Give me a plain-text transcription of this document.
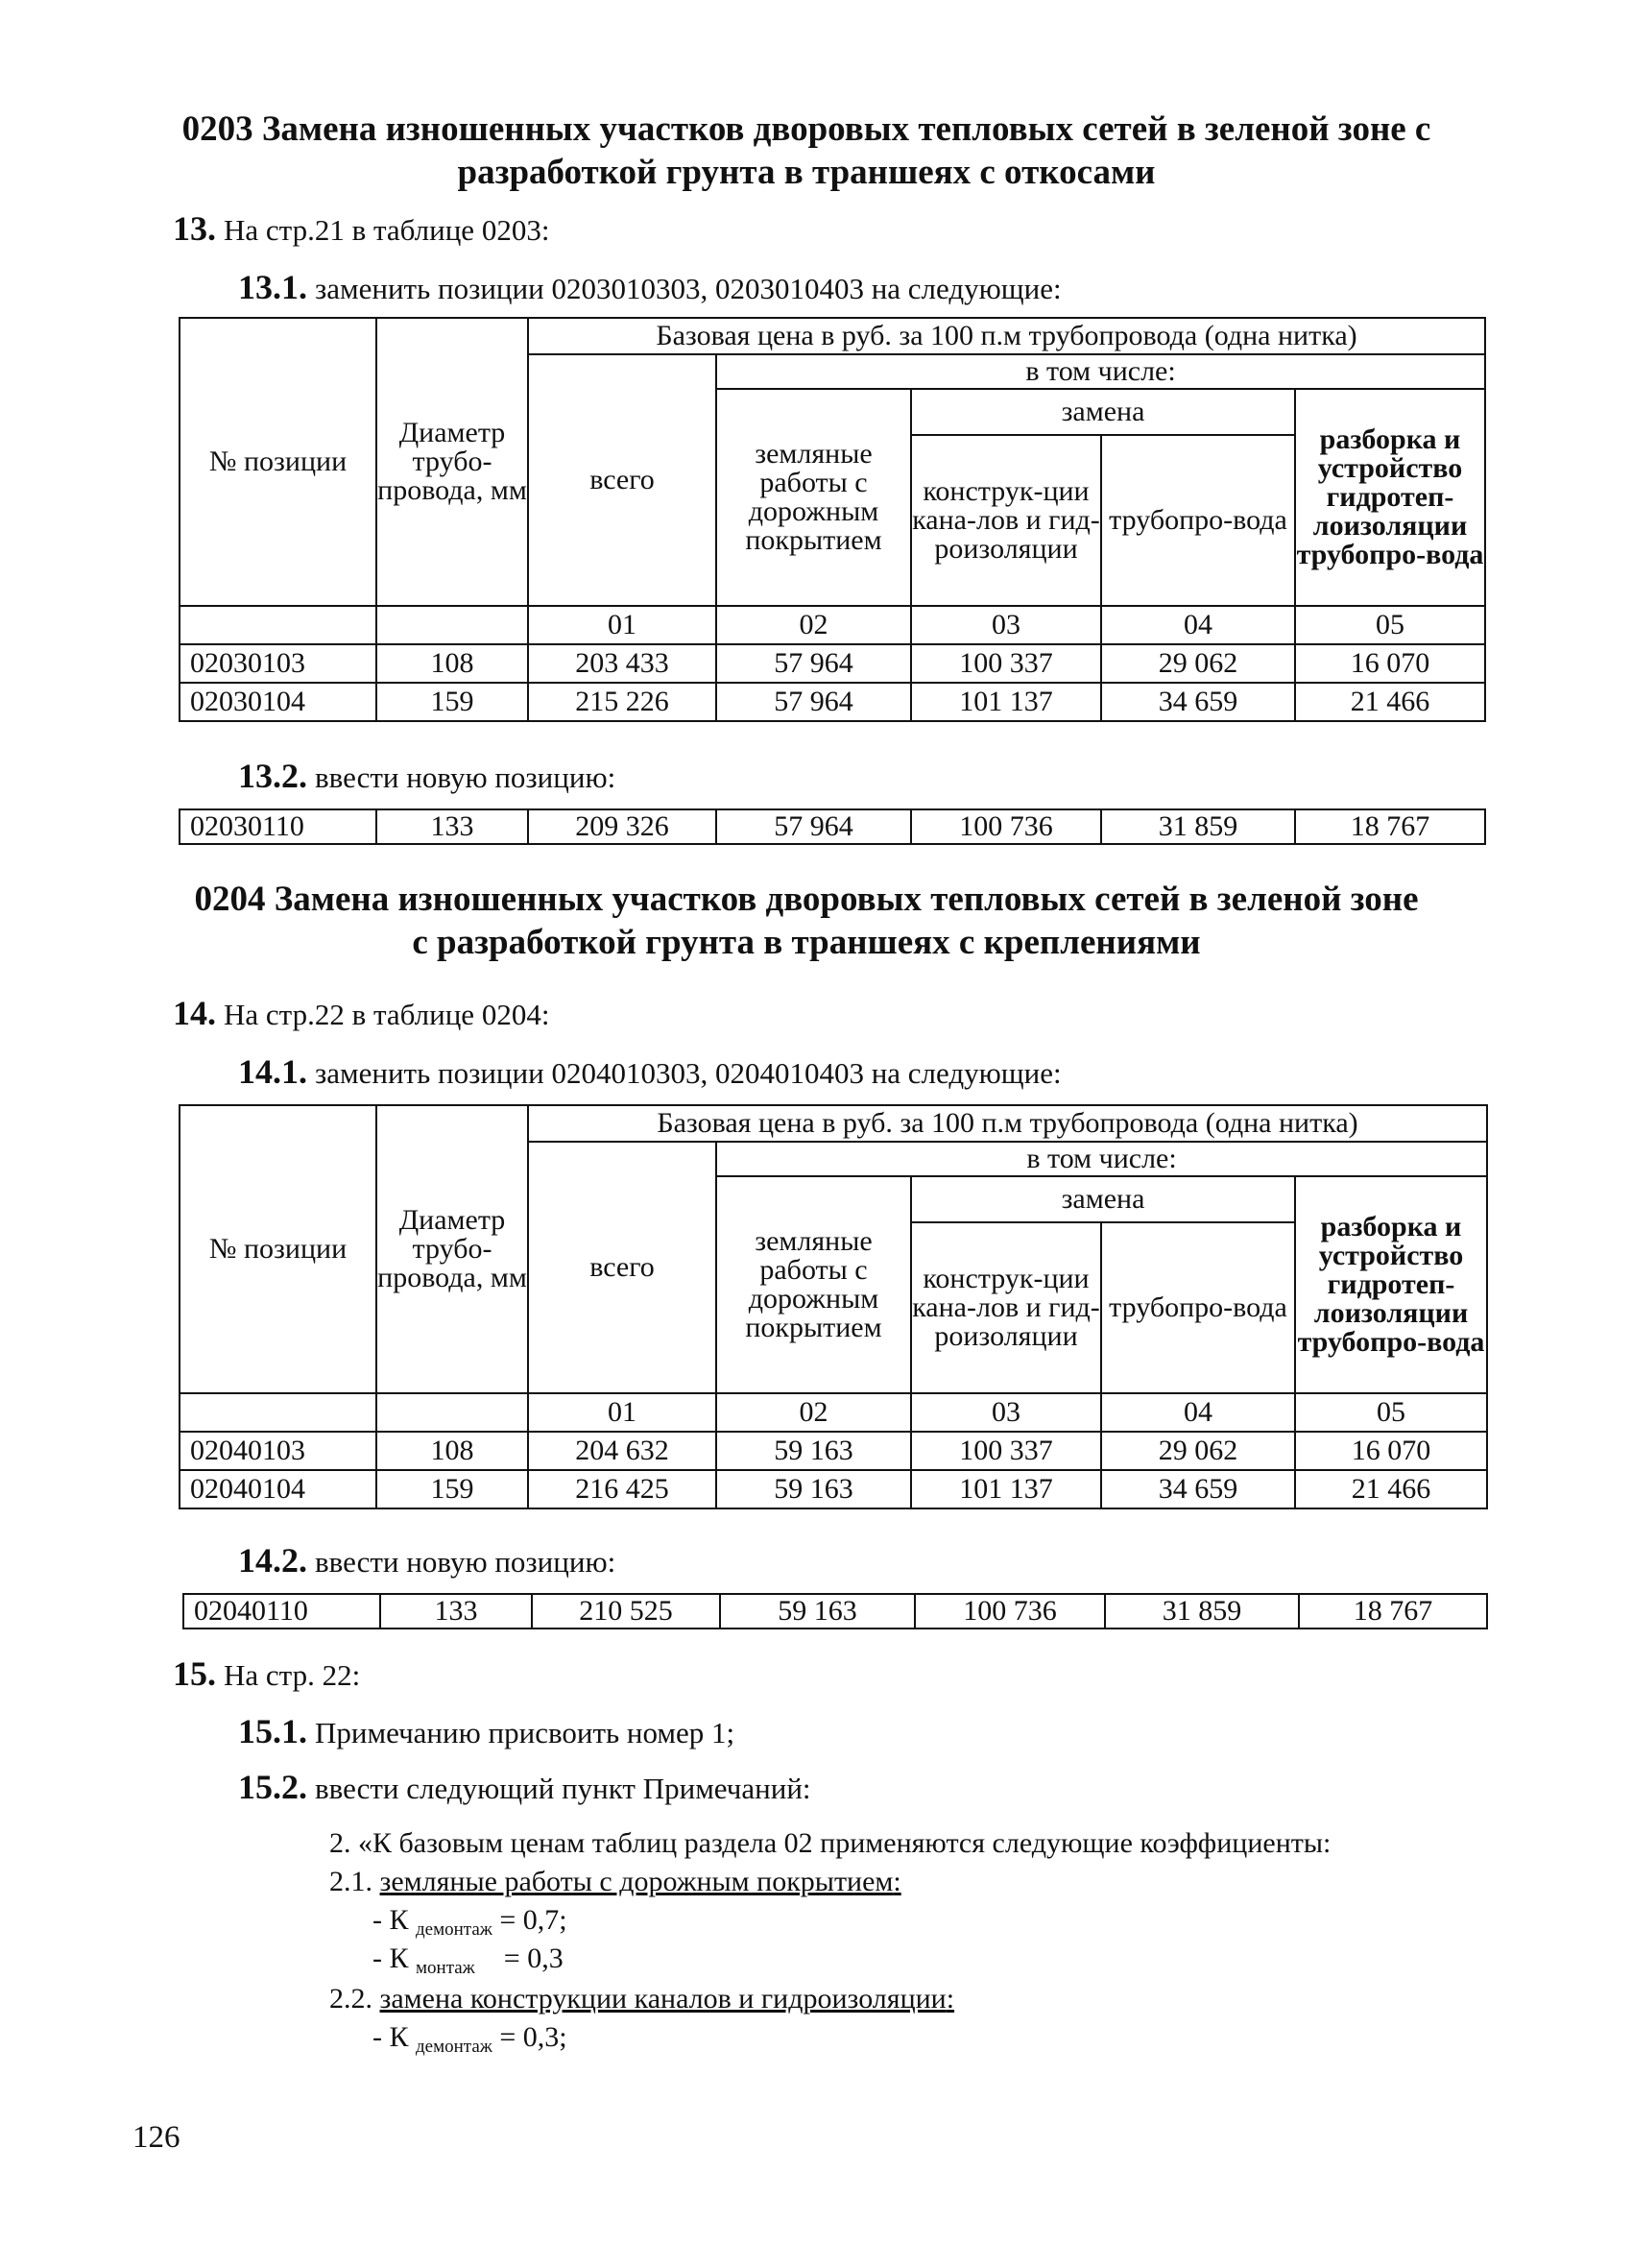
0203 Замена изношенных участков дворовых тепловых сетей в зеленой зоне с
разработкой грунта в траншеях с откосами

13. На стр.21 в таблице 0203:

13.1. заменить позиции 0203010303, 0203010403 на следующие:

№ позиции	Диаметр трубо-провода, мм	Базовая цена в руб. за 100 п.м трубопровода (одна нитка)				
		всего	в том числе:			
			земляные работы с дорожным покрытием	замена		разборка и устройство гидротеп-лоизоляции трубопро-вода
				конструк-ции кана-лов и гид-роизоляции	трубопро-вода	
		01	02	03	04	05
02030103	108	203 433	57 964	100 337	29 062	16 070
02030104	159	215 226	57 964	101 137	34 659	21 466

13.2. ввести новую позицию:

02030110	133	209 326	57 964	100 736	31 859	18 767
0204 Замена изношенных участков дворовых тепловых сетей в зеленой зоне
с разработкой грунта в траншеях с креплениями

14. На стр.22 в таблице 0204:

14.1. заменить позиции 0204010303, 0204010403 на следующие:

№ позиции	Диаметр трубо-провода, мм	Базовая цена в руб. за 100 п.м трубопровода (одна нитка)				
		всего	в том числе:			
			земляные работы с дорожным покрытием	замена		разборка и устройство гидротеп-лоизоляции трубопро-вода
				конструк-ции кана-лов и гид-роизоляции	трубопро-вода	
		01	02	03	04	05
02040103	108	204 632	59 163	100 337	29 062	16 070
02040104	159	216 425	59 163	101 137	34 659	21 466

14.2. ввести новую позицию:

02040110	133	210 525	59 163	100 736	31 859	18 767

15. На стр. 22:

15.1. Примечанию присвоить номер 1;

15.2. ввести следующий пункт Примечаний:

2. «К базовым ценам таблиц раздела 02 применяются следующие коэффициенты:

2.1. земляные работы с дорожным покрытием:

- К $_{демонтаж}$ = 0,7;

- К $_{монтаж}$ = 0,3

2.2. замена конструкции каналов и гидроизоляции:

- К $_{демонтаж}$ = 0,3;

126
